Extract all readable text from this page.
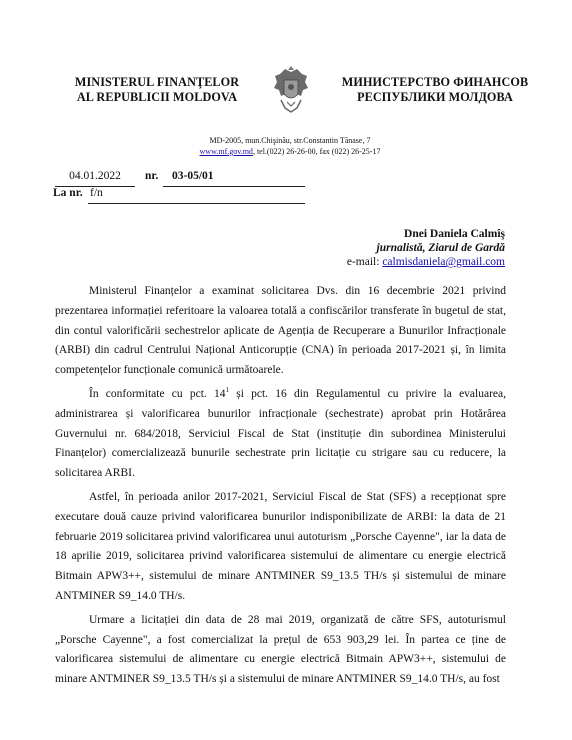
MINISTERUL FINANŢELOR
AL REPUBLICII MOLDOVA
МИНИСТЕРСТВО ФИНАНСОВ
РЕСПУБЛИКИ МОЛДОВА
MD-2005, mun.Chişinău, str.Constantin Tănase, 7
www.mf.gov.md, tel.(022) 26-26-00, fax (022) 26-25-17
04.01.2022	nr. 03-05/01
La nr. f/n
Dnei Daniela Calmîş
jurnalistă, Ziarul de Gardă
e-mail: calmisdaniela@gmail.com

Ministerul Finanțelor a examinat solicitarea Dvs. din 16 decembrie 2021 privind prezentarea informației referitoare la valoarea totală a confiscărilor transferate în bugetul de stat, din contul valorificării sechestrelor aplicate de Agenția de Recuperare a Bunurilor Infracționale (ARBI) din cadrul Centrului Național Anticorupție (CNA) în perioada 2017-2021 și, în limita competențelor funcționale comunică următoarele.

În conformitate cu pct. $14^1$ și pct. 16 din Regulamentul cu privire la evaluarea, administrarea și valorificarea bunurilor infracționale (sechestrate) aprobat prin Hotărârea Guvernului nr. 684/2018, Serviciul Fiscal de Stat (instituție din subordinea Ministerului Finanțelor) comercializează bunurile sechestrate prin licitație cu strigare sau cu reducere, la solicitarea ARBI.

Astfel, în perioada anilor 2017-2021, Serviciul Fiscal de Stat (SFS) a recepționat spre executare două cauze privind valorificarea bunurilor indisponibilizate de ARBI: la data de 21 februarie 2019 solicitarea privind valorificarea unui autoturism „Porsche Cayenne", iar la data de 18 aprilie 2019, solicitarea privind valorificarea sistemului de alimentare cu energie electrică Bitmain APW3++, sistemului de minare ANTMINER S9_13.5 TH/s și sistemului de minare ANTMINER S9_14.0 TH/s.

Urmare a licitației din data de 28 mai 2019, organizată de către SFS, autoturismul „Porsche Cayenne", a fost comercializat la prețul de 653 903,29 lei. În partea ce ține de valorificarea sistemului de alimentare cu energie electrică Bitmain APW3++, sistemului de minare ANTMINER S9_13.5 TH/s și a sistemului de minare ANTMINER S9_14.0 TH/s, au fost
